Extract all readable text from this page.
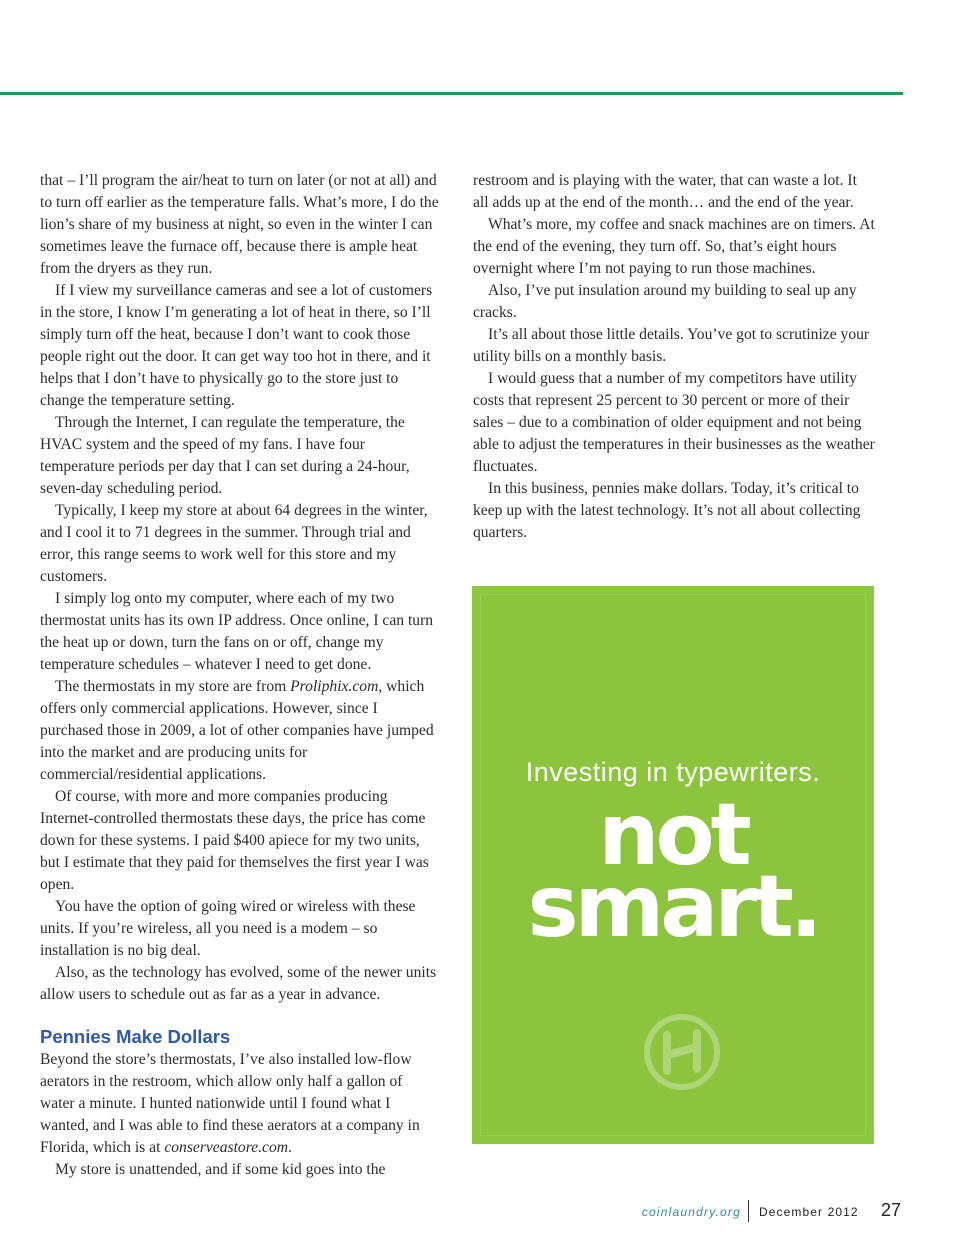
that – I’ll program the air/heat to turn on later (or not at all) and to turn off earlier as the temperature falls. What’s more, I do the lion’s share of my business at night, so even in the winter I can sometimes leave the furnace off, because there is ample heat from the dryers as they run.

If I view my surveillance cameras and see a lot of customers in the store, I know I’m generating a lot of heat in there, so I’ll simply turn off the heat, because I don’t want to cook those people right out the door. It can get way too hot in there, and it helps that I don’t have to physically go to the store just to change the temperature setting.

Through the Internet, I can regulate the temperature, the HVAC system and the speed of my fans. I have four temperature periods per day that I can set during a 24-hour, seven-day scheduling period.

Typically, I keep my store at about 64 degrees in the winter, and I cool it to 71 degrees in the summer. Through trial and error, this range seems to work well for this store and my customers.

I simply log onto my computer, where each of my two thermostat units has its own IP address. Once online, I can turn the heat up or down, turn the fans on or off, change my temperature schedules – whatever I need to get done.

The thermostats in my store are from Proliphix.com, which offers only commercial applications. However, since I purchased those in 2009, a lot of other companies have jumped into the market and are producing units for commercial/residential applications.

Of course, with more and more companies producing Internet-controlled thermostats these days, the price has come down for these systems. I paid $400 apiece for my two units, but I estimate that they paid for themselves the first year I was open.

You have the option of going wired or wireless with these units. If you’re wireless, all you need is a modem – so installation is no big deal.

Also, as the technology has evolved, some of the newer units allow users to schedule out as far as a year in advance.

Pennies Make Dollars

Beyond the store’s thermostats, I’ve also installed low-flow aerators in the restroom, which allow only half a gallon of water a minute. I hunted nationwide until I found what I wanted, and I was able to find these aerators at a company in Florida, which is at conserveastore.com.

My store is unattended, and if some kid goes into the

restroom and is playing with the water, that can waste a lot. It all adds up at the end of the month… and the end of the year.

What’s more, my coffee and snack machines are on timers. At the end of the evening, they turn off. So, that’s eight hours overnight where I’m not paying to run those machines.

Also, I’ve put insulation around my building to seal up any cracks.

It’s all about those little details. You’ve got to scrutinize your utility bills on a monthly basis.

I would guess that a number of my competitors have utility costs that represent 25 percent to 30 percent or more of their sales – due to a combination of older equipment and not being able to adjust the temperatures in their businesses as the weather fluctuates.

In this business, pennies make dollars. Today, it’s critical to keep up with the latest technology. It’s not all about collecting quarters.

Investing in typewriters.
not
smart.
coinlaundry.org December 2012 27
